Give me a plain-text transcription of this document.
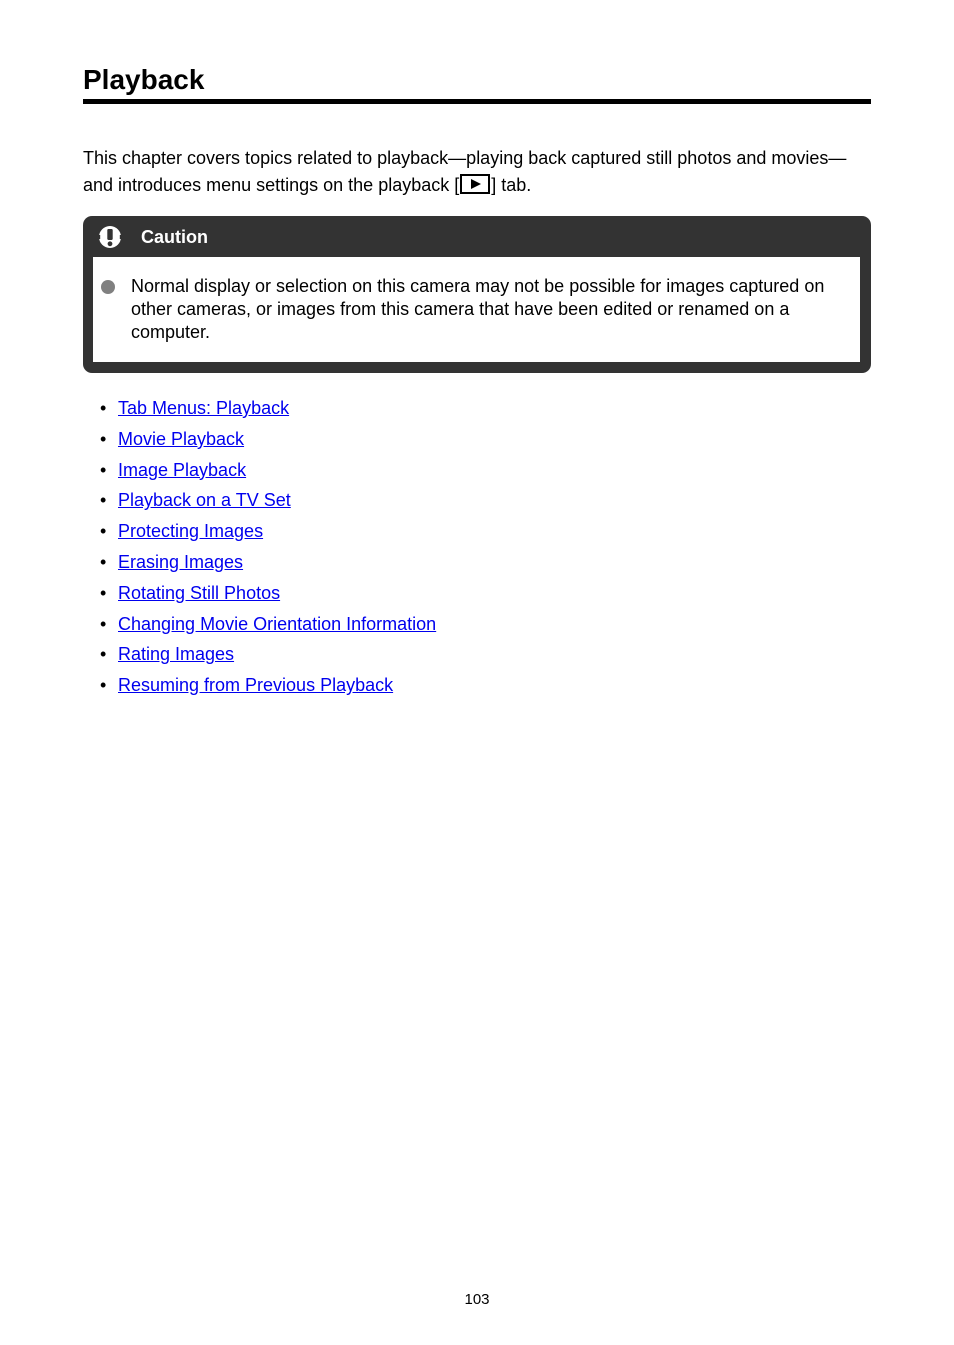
Playback

This chapter covers topics related to playback—playing back captured still photos and movies—and introduces menu settings on the playback [ ] tab.

Caution

Normal display or selection on this camera may not be possible for images captured on other cameras, or images from this camera that have been edited or renamed on a computer.

• Tab Menus: Playback
• Movie Playback
• Image Playback
• Playback on a TV Set
• Protecting Images
• Erasing Images
• Rotating Still Photos
• Changing Movie Orientation Information
• Rating Images
• Resuming from Previous Playback
103
